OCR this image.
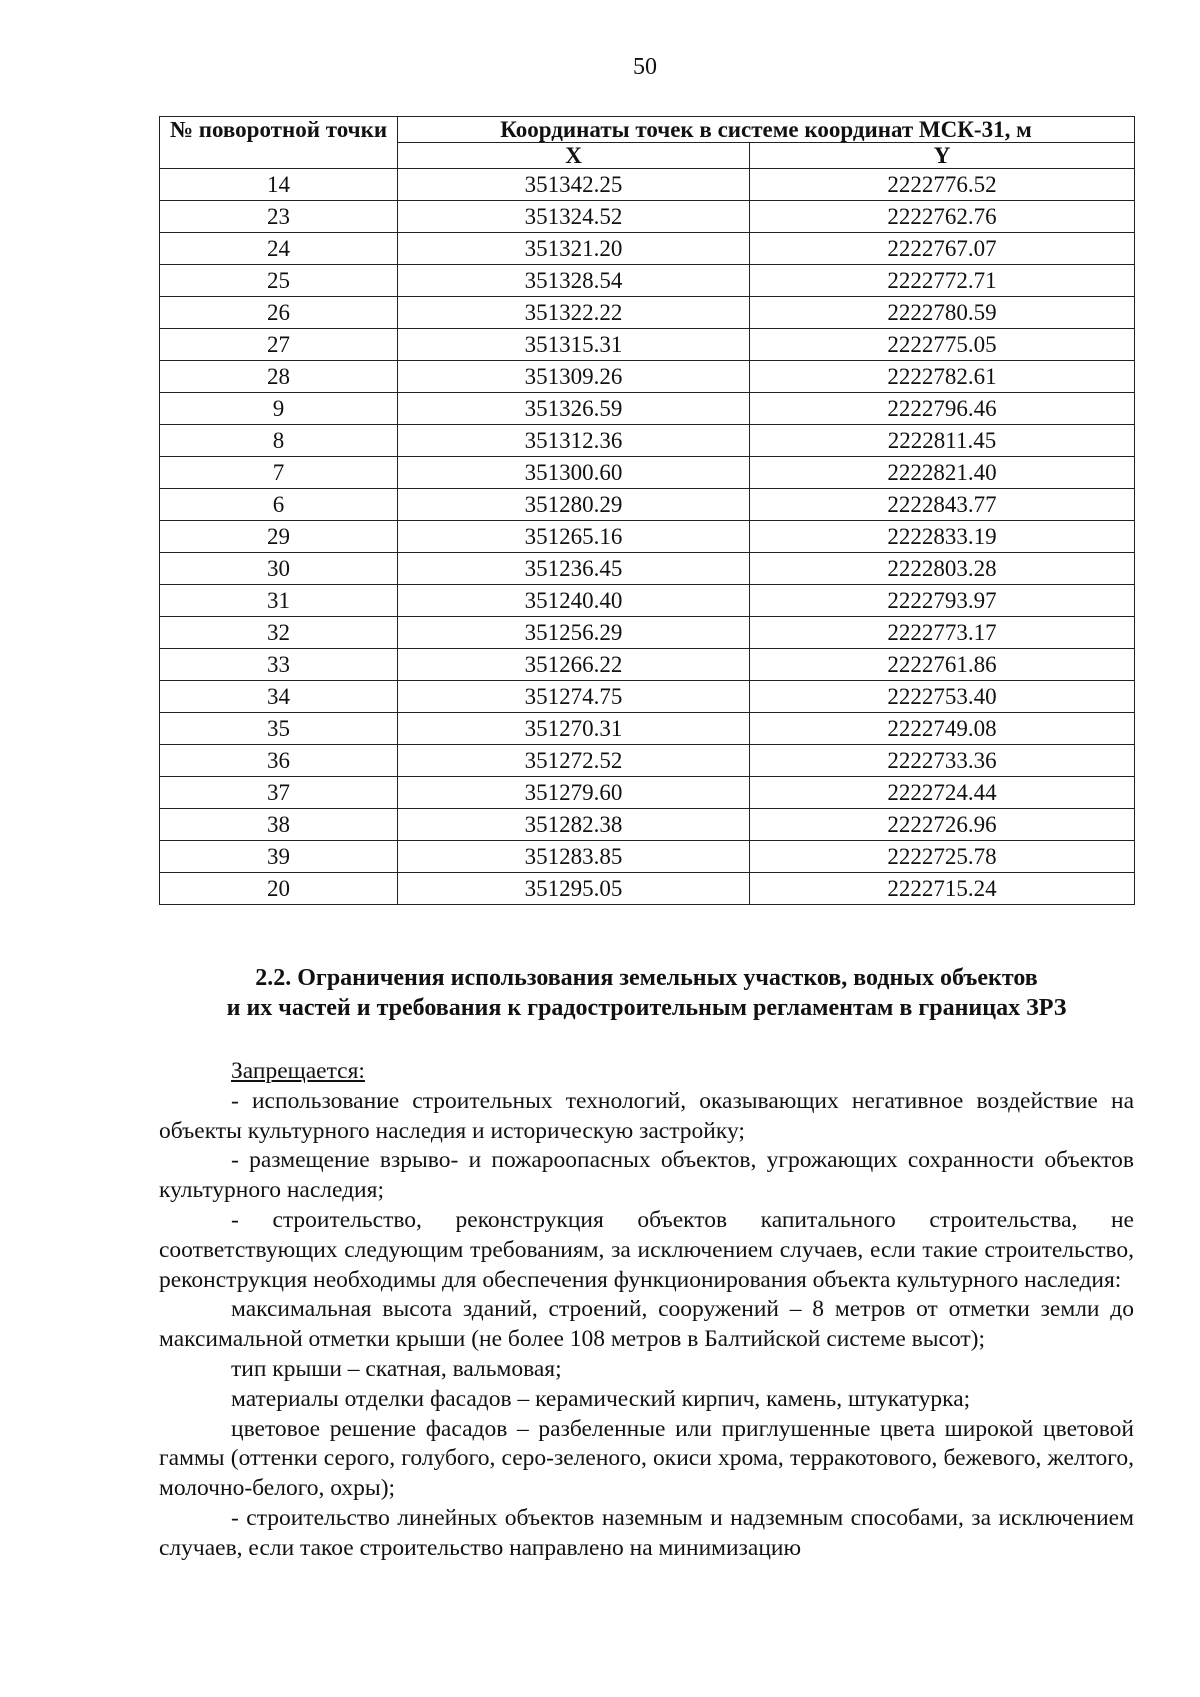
50
№ поворотной точки	Координаты точек в системе координат МСК-31, м	
	X	Y
14	351342.25	2222776.52
23	351324.52	2222762.76
24	351321.20	2222767.07
25	351328.54	2222772.71
26	351322.22	2222780.59
27	351315.31	2222775.05
28	351309.26	2222782.61
9	351326.59	2222796.46
8	351312.36	2222811.45
7	351300.60	2222821.40
6	351280.29	2222843.77
29	351265.16	2222833.19
30	351236.45	2222803.28
31	351240.40	2222793.97
32	351256.29	2222773.17
33	351266.22	2222761.86
34	351274.75	2222753.40
35	351270.31	2222749.08
36	351272.52	2222733.36
37	351279.60	2222724.44
38	351282.38	2222726.96
39	351283.85	2222725.78
20	351295.05	2222715.24
2.2. Ограничения использования земельных участков, водных объектов
и их частей и требования к градостроительным регламентам в границах ЗРЗ

Запрещается:

- использование строительных технологий, оказывающих негативное воздействие на объекты культурного наследия и историческую застройку;

- размещение взрыво- и пожароопасных объектов, угрожающих сохранности объектов культурного наследия;

- строительство, реконструкция объектов капитального строительства, не соответствующих следующим требованиям, за исключением случаев, если такие строительство, реконструкция необходимы для обеспечения функционирования объекта культурного наследия:

максимальная высота зданий, строений, сооружений – 8 метров от отметки земли до максимальной отметки крыши (не более 108 метров в Балтийской системе высот);

тип крыши – скатная, вальмовая;

материалы отделки фасадов – керамический кирпич, камень, штукатурка;

цветовое решение фасадов – разбеленные или приглушенные цвета широкой цветовой гаммы (оттенки серого, голубого, серо-зеленого, окиси хрома, терракотового, бежевого, желтого, молочно-белого, охры);

- строительство линейных объектов наземным и надземным способами, за исключением случаев, если такое строительство направлено на минимизацию
